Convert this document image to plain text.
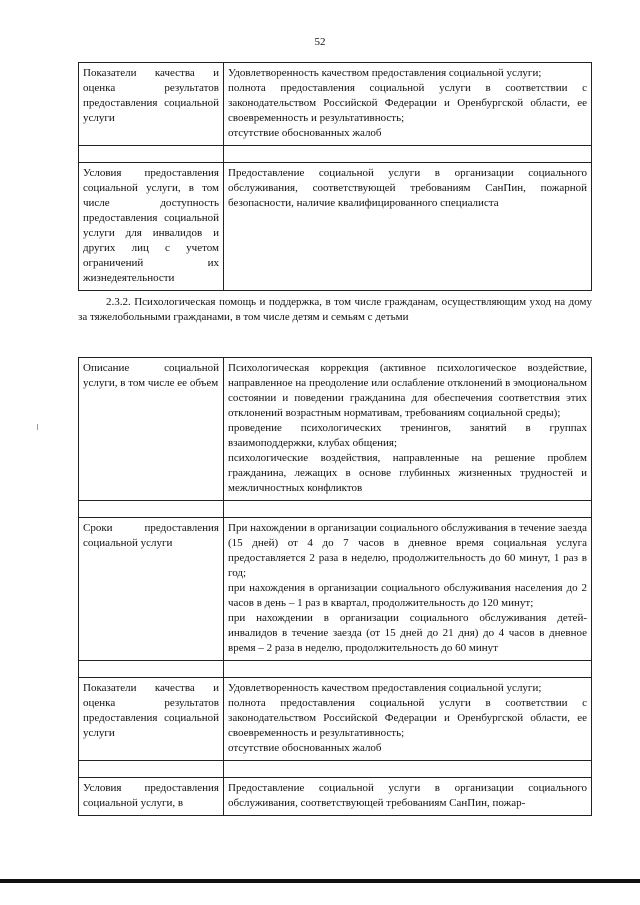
52
Показатели качества и оценка результатов предоставления социальной услуги	Удовлетворенность качеством предоставления социальной услуги;
полнота предоставления социальной услуги в соответствии с законодательством Российской Федерации и Оренбургской области, ее своевременность и результативность;
отсутствие обоснованных жалоб

Условия предоставления социальной услуги, в том числе доступность предоставления социальной услуги для инвалидов и других лиц с учетом ограничений их жизнедеятельности	Предоставление социальной услуги в организации социального обслуживания, соответствующей требованиям СанПин, пожарной безопасности, наличие квалифицированного специалиста

2.3.2. Психологическая помощь и поддержка, в том числе гражданам, осуществляющим уход на дому за тяжелобольными гражданами, в том числе детям и семьям с детьми

Описание социальной услуги, в том числе ее объем	Психологическая коррекция (активное психологическое воздействие, направленное на преодоление или ослабление отклонений в эмоциональном состоянии и поведении гражданина для обеспечения соответствия этих отклонений возрастным нормативам, требованиям социальной среды);
проведение психологических тренингов, занятий в группах взаимоподдержки, клубах общения;
психологические воздействия, направленные на решение проблем гражданина, лежащих в основе глубинных жизненных трудностей и межличностных конфликтов

Сроки предоставления социальной услуги	При нахождении в организации социального обслуживания в течение заезда (15 дней) от 4 до 7 часов в дневное время социальная услуга предоставляется 2 раза в неделю, продолжительность до 60 минут, 1 раз в год;
при нахождения в организации социального обслуживания населения до 2 часов в день – 1 раз в квартал, продолжительность до 120 минут;
при нахождении в организации социального обслуживания детей-инвалидов в течение заезда (от 15 дней до 21 дня) до 4 часов в дневное время – 2 раза в неделю, продолжительность до 60 минут

Показатели качества и оценка результатов предоставления социальной услуги	Удовлетворенность качеством предоставления социальной услуги;
полнота предоставления социальной услуги в соответствии с законодательством Российской Федерации и Оренбургской области, ее своевременность и результативность;
отсутствие обоснованных жалоб

Условия предоставления социальной услуги, в	Предоставление социальной услуги в организации социального обслуживания, соответствующей требованиям СанПин, пожар-
